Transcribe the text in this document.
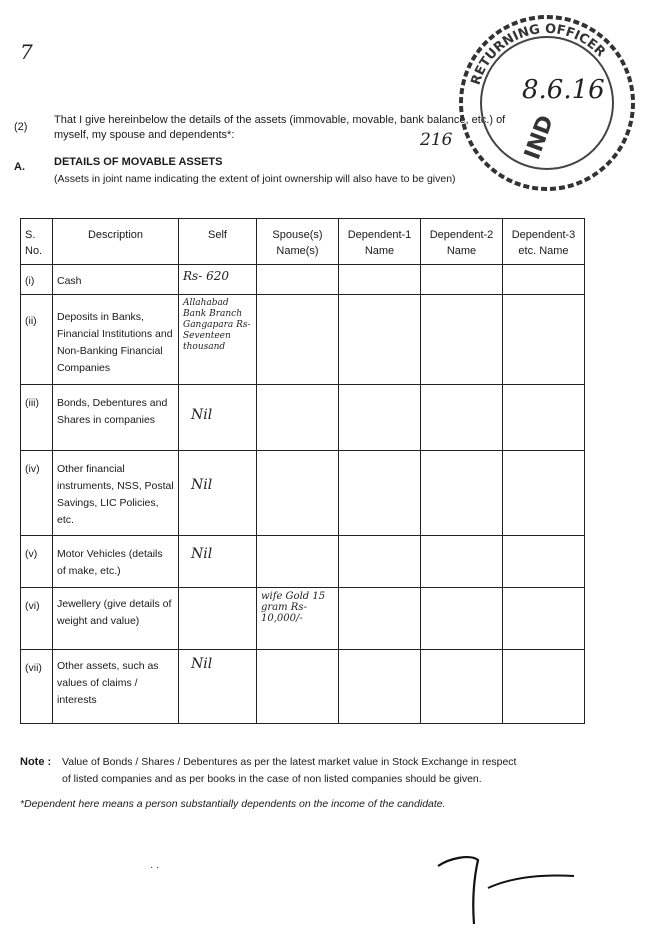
7
(2)
That I give hereinbelow the details of the assets (immovable, movable, bank balance, etc.) of
myself, my spouse and dependents*:	216
A.	DETAILS OF MOVABLE ASSETS
(Assets in joint name indicating the extent of joint ownership will also have to be given)
S. No.	Description	Self	Spouse(s) Name(s)	Dependent-1 Name	Dependent-2 Name	Dependent-3 etc. Name
(i)	Cash	Rs- 620				
(ii)	Deposits in Banks, Financial Institutions and Non-Banking Financial Companies	Allahabad Bank Branch Gangapara Rs-Seventeen thousand				
(iii)	Bonds, Debentures and Shares in companies	Nil				
(iv)	Other financial instruments, NSS, Postal Savings, LIC Policies, etc.	Nil				
(v)	Motor Vehicles (details of make, etc.)	Nil				
(vi)	Jewellery (give details of weight and value)		wife Gold 15 gram Rs- 10,000/-			
(vii)	Other assets, such as values of claims / interests	Nil				
Note : Value of Bonds / Shares / Debentures as per the latest market value in Stock Exchange in respect
of listed companies and as per books in the case of non listed companies should be given.
*Dependent here means a person substantially dependents on the income of the candidate.
· ·
RETURNING OFFICER
IND
8.6.16
